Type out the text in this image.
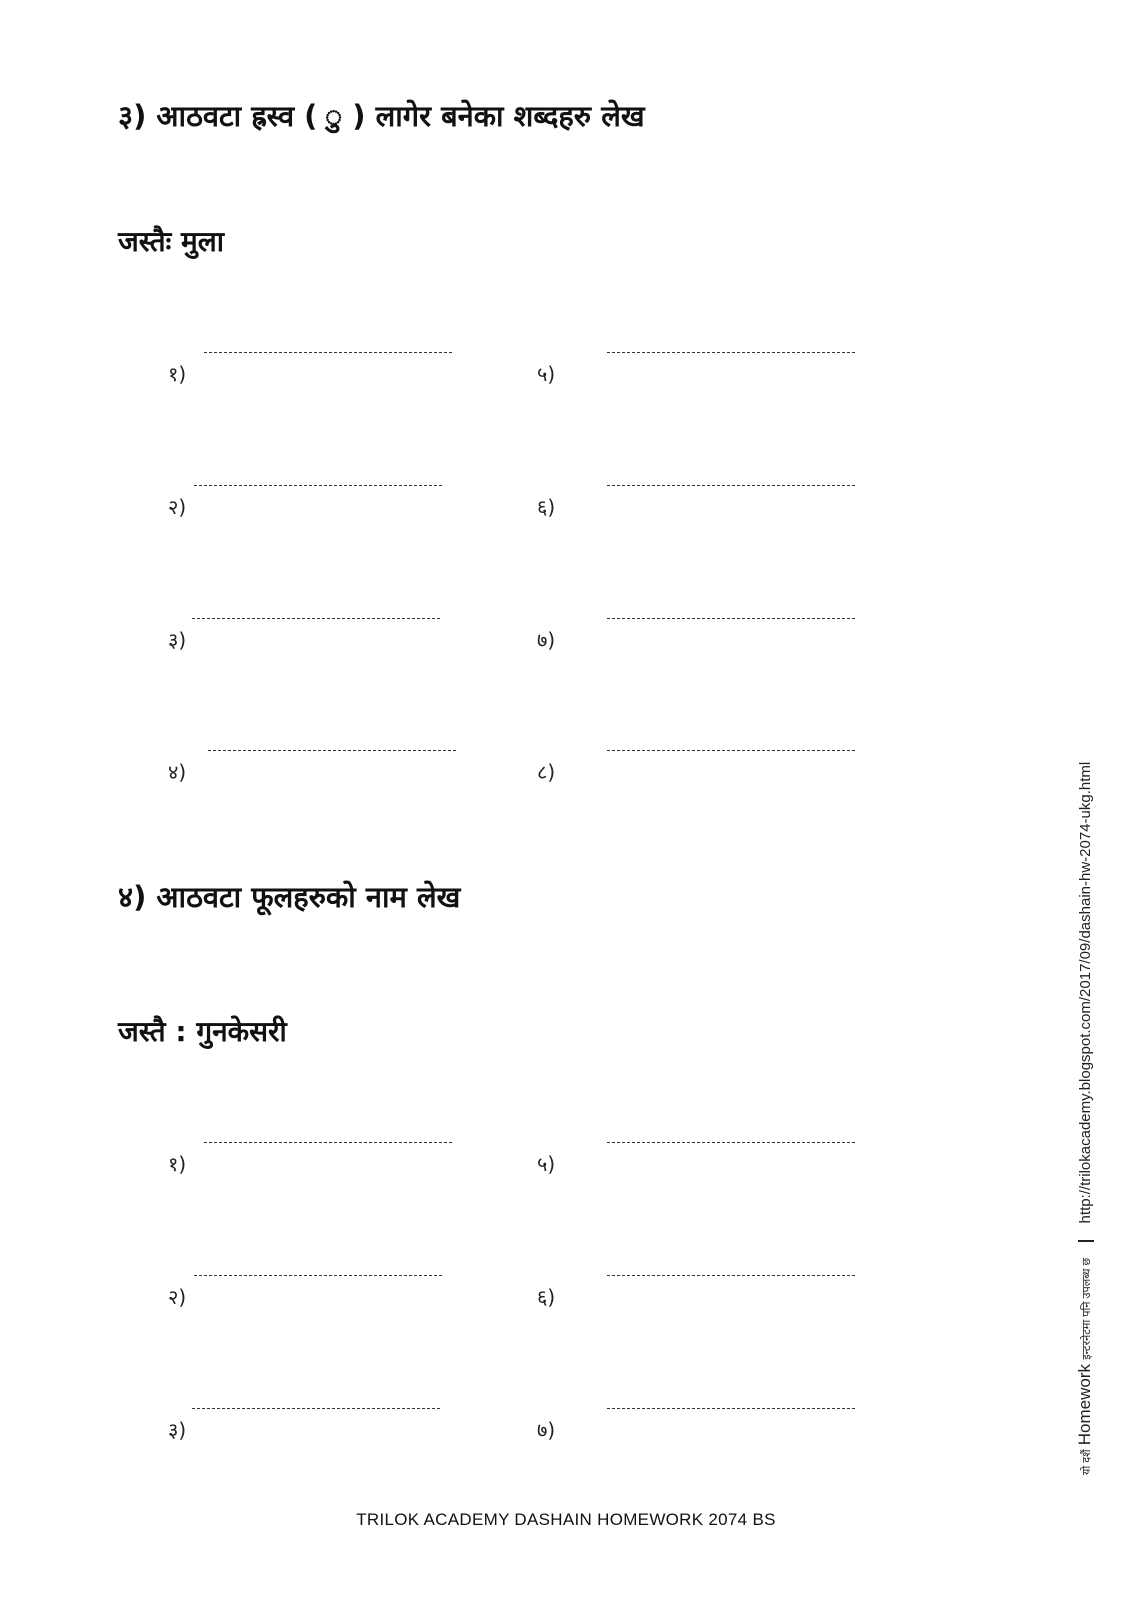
३) आठवटा ह्रस्व ( ु ) लागेर बनेका शब्दहरु लेख
जस्तैः मुला
१)
२)
३)
४)
५)
६)
७)
८)
४) आठवटा फूलहरुको नाम लेख
जस्तै : गुनकेसरी
१)
२)
३)
५)
६)
७)
TRILOK ACADEMY DASHAIN HOMEWORK 2074 BS
यो दशैं Homework इन्टरनेटमा पनि उपलब्ध छ  http://trilokacademy.blogspot.com/2017/09/dashain-hw-2074-ukg.html
